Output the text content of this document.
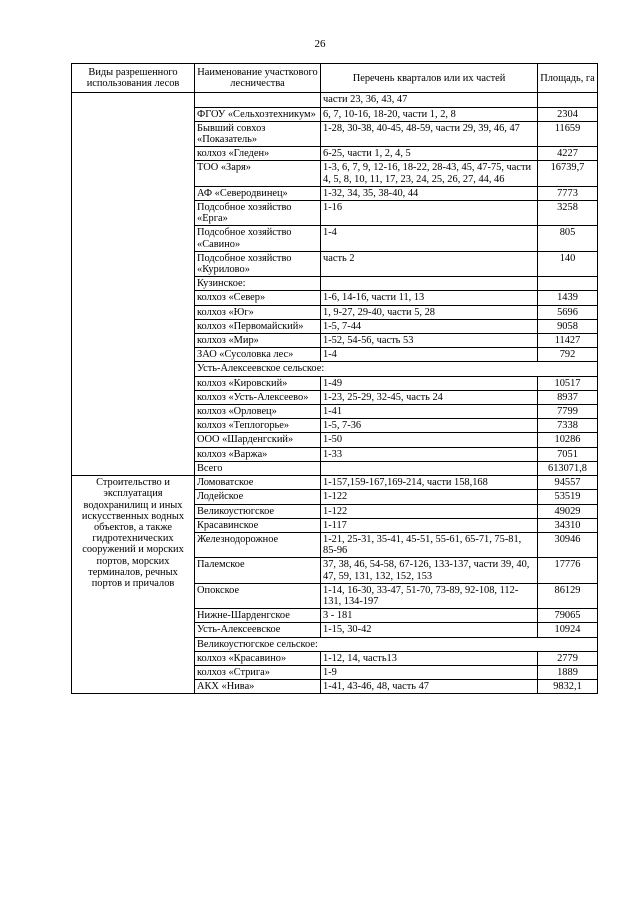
26
Виды разрешенного использования лесов	Наименование участкового лесничества	Перечень кварталов или их частей	Площадь, га
		части 23, 36, 43, 47	
	ФГОУ «Сельхозтехникум»	6, 7, 10-16, 18-20, части 1, 2, 8	2304
	Бывший совхоз «Показатель»	1-28, 30-38, 40-45, 48-59, части 29, 39, 46, 47	11659
	колхоз «Гледен»	6-25, части 1, 2, 4, 5	4227
	ТОО «Заря»	1-3, 6, 7, 9, 12-16, 18-22, 28-43, 45, 47-75, части 4, 5, 8, 10, 11, 17, 23, 24, 25, 26, 27, 44, 46	16739,7
	АФ «Северодвинец»	1-32, 34, 35, 38-40, 44	7773
	Подсобное хозяйство «Ерга»	1-16	3258
	Подсобное хозяйство «Савино»	1-4	805
	Подсобное хозяйство «Курилово»	часть 2	140
	Кузинское:		
	колхоз «Север»	1-6, 14-16, части 11, 13	1439
	колхоз «Юг»	1, 9-27, 29-40, части 5, 28	5696
	колхоз «Первомайский»	1-5, 7-44	9058
	колхоз «Мир»	1-52, 54-56, часть 53	11427
	ЗАО «Сусоловка лес»	1-4	792
	Усть-Алексеевское сельское:		
	колхоз «Кировский»	1-49	10517
	колхоз «Усть-Алексеево»	1-23, 25-29, 32-45, часть 24	8937
	колхоз «Орловец»	1-41	7799
	колхоз «Теплогорье»	1-5, 7-36	7338
	ООО «Шарденгский»	1-50	10286
	колхоз «Варжа»	1-33	7051
	Всего		613071,8
Строительство и эксплуатация водохранилищ и иных искусственных водных объектов, а также гидротехнических сооружений и морских портов, морских терминалов, речных портов и причалов	Ломоватское	1-157,159-167,169-214, части 158,168	94557
	Лодейское	1-122	53519
	Великоустюгское	1-122	49029
	Красавинское	1-117	34310
	Железнодорожное	1-21, 25-31, 35-41, 45-51, 55-61, 65-71, 75-81, 85-96	30946
	Палемское	37, 38, 46, 54-58, 67-126, 133-137, части 39, 40, 47, 59, 131, 132, 152, 153	17776
	Опокское	1-14, 16-30, 33-47, 51-70, 73-89, 92-108, 112-131, 134-197	86129
	Нижне-Шарденгское	3 - 181	79065
	Усть-Алексеевское	1-15, 30-42	10924
	Великоустюгское сельское:		
	колхоз «Красавино»	1-12, 14, часть13	2779
	колхоз «Стрига»	1-9	1889
	АКХ «Нива»	1-41, 43-46, 48, часть 47	9832,1
